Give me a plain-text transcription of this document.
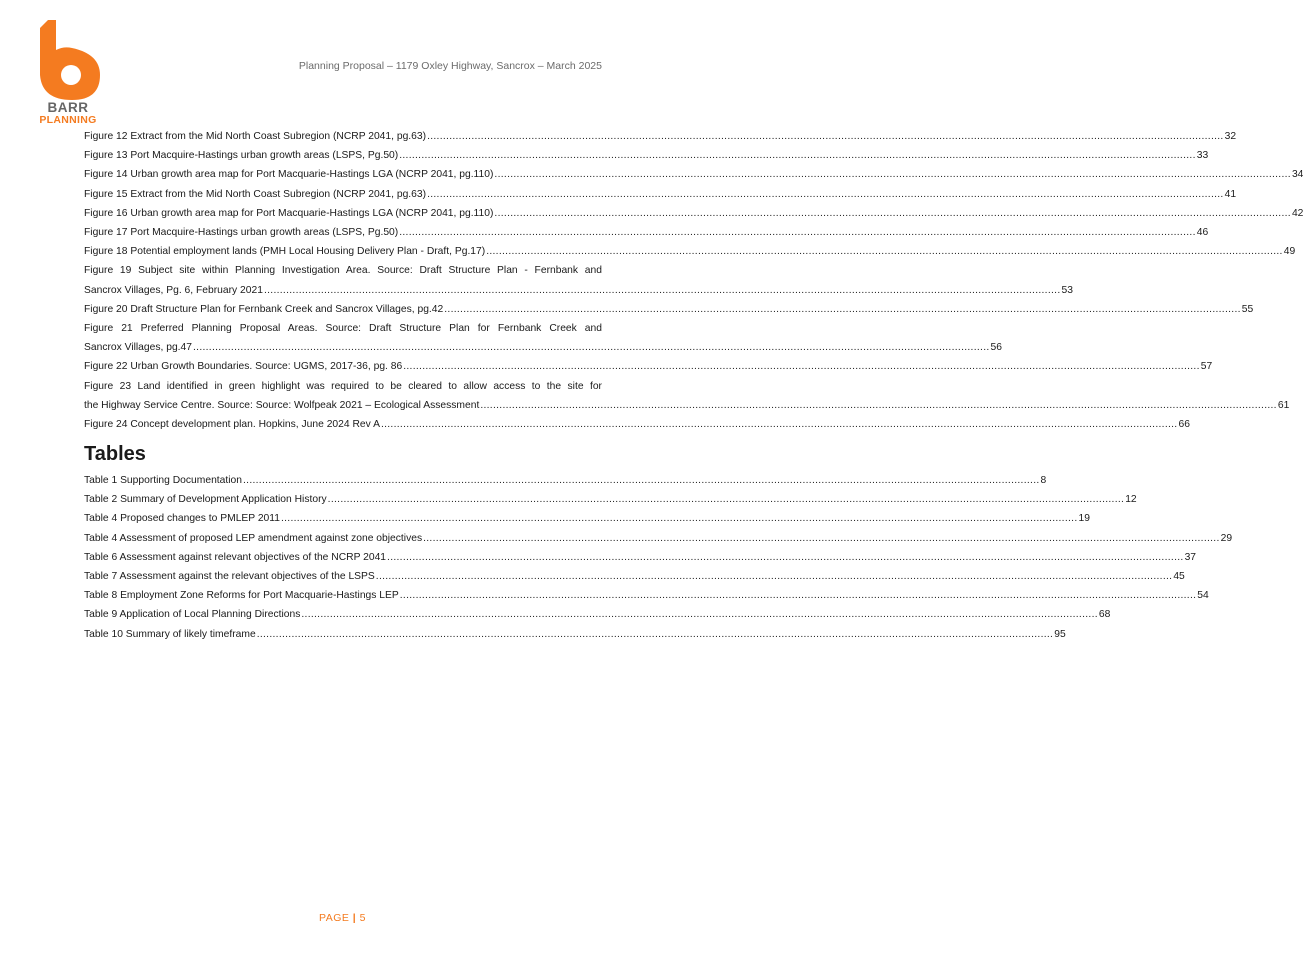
BARR
PLANNING
Planning Proposal – 1179 Oxley Highway, Sancrox – March 2025
Figure 12 Extract from the Mid North Coast Subregion (NCRP 2041, pg.63) .....	32
Figure 13 Port Macquire-Hastings urban growth areas (LSPS, Pg.50) .....	33
Figure 14 Urban growth area map for Port Macquarie-Hastings LGA (NCRP 2041, pg.110) .....	34
Figure 15 Extract from the Mid North Coast Subregion (NCRP 2041, pg.63) .....	41
Figure 16 Urban growth area map for Port Macquarie-Hastings LGA (NCRP 2041, pg.110) .....	42
Figure 17 Port Macquire-Hastings urban growth areas (LSPS, Pg.50) .....	46
Figure 18 Potential employment lands (PMH Local Housing Delivery Plan - Draft, Pg.17) .....	49
Figure 19 Subject site within Planning Investigation Area. Source: Draft Structure Plan - Fernbank and
Sancrox Villages, Pg. 6, February 2021 .....	53
Figure 20 Draft Structure Plan for Fernbank Creek and Sancrox Villages, pg.42 .....	55
Figure 21 Preferred Planning Proposal Areas. Source: Draft Structure Plan for Fernbank Creek and
Sancrox Villages, pg.47 .....	56
Figure 22 Urban Growth Boundaries. Source: UGMS, 2017-36, pg. 86 .....	57
Figure 23 Land identified in green highlight was required to be cleared to allow access to the site for
the Highway Service Centre. Source: Source: Wolfpeak 2021 – Ecological Assessment .....	61
Figure 24 Concept development plan. Hopkins, June 2024 Rev A .....	66
Tables
Table 1 Supporting Documentation .....	8
Table 2 Summary of Development Application History .....	12
Table 4 Proposed changes to PMLEP 2011 .....	19
Table 4 Assessment of proposed LEP amendment against zone objectives .....	29
Table 6 Assessment against relevant objectives of the NCRP 2041 .....	37
Table 7 Assessment against the relevant objectives of the LSPS .....	45
Table 8 Employment Zone Reforms for Port Macquarie-Hastings LEP .....	54
Table 9 Application of Local Planning Directions .....	68
Table 10 Summary of likely timeframe .....	95
PAGE | 5
